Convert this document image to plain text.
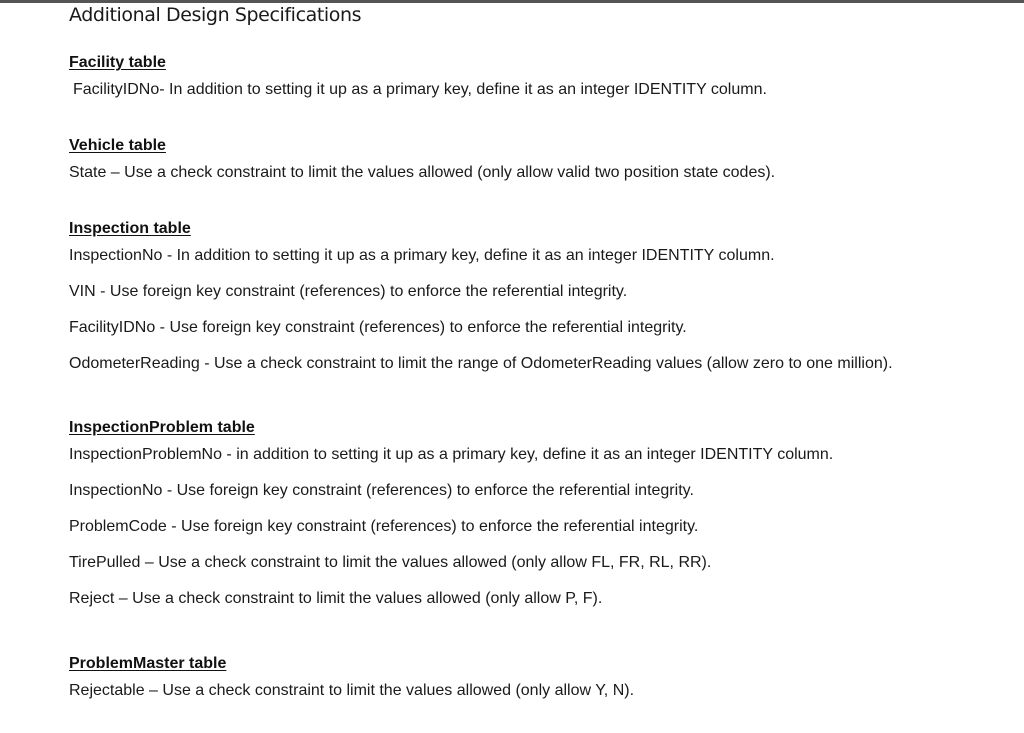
Additional Design Specifications
Facility table
FacilityIDNo- In addition to setting it up as a primary key, define it as an integer IDENTITY column.
Vehicle table
State – Use a check constraint to limit the values allowed (only allow valid two position state codes).
Inspection table
InspectionNo - In addition to setting it up as a primary key, define it as an integer IDENTITY column.
VIN - Use foreign key constraint (references) to enforce the referential integrity.
FacilityIDNo - Use foreign key constraint (references) to enforce the referential integrity.
OdometerReading - Use a check constraint to limit the range of OdometerReading values (allow zero to one million).
InspectionProblem table
InspectionProblemNo - in addition to setting it up as a primary key, define it as an integer IDENTITY column.
InspectionNo - Use foreign key constraint (references) to enforce the referential integrity.
ProblemCode - Use foreign key constraint (references) to enforce the referential integrity.
TirePulled – Use a check constraint to limit the values allowed (only allow FL, FR, RL, RR).
Reject – Use a check constraint to limit the values allowed (only allow P, F).
ProblemMaster table
Rejectable – Use a check constraint to limit the values allowed (only allow Y, N).
